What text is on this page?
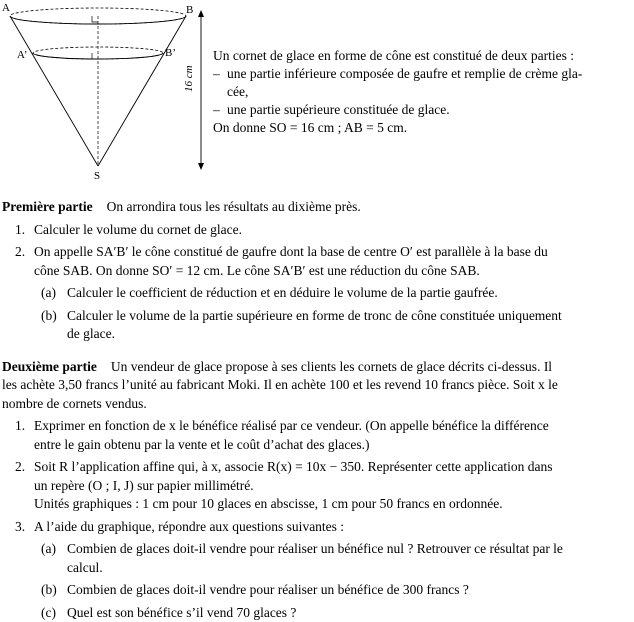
A	B
A’	B’
S
16 cm
Un cornet de glace en forme de cône est constitué de deux parties :
– une partie inférieure composée de gaufre et remplie de crème gla-
cée,
– une partie supérieure constituée de glace.
On donne SO = 16 cm ; AB = 5 cm.

Première partie On arrondira tous les résultats au dixième près.

1. Calculer le volume du cornet de glace.
2. On appelle SA′B′ le cône constitué de gaufre dont la base de centre O′ est parallèle à la base du
cône SAB. On donne SO′ = 12 cm. Le cône SA′B′ est une réduction du cône SAB.
(a) Calculer le coefficient de réduction et en déduire le volume de la partie gaufrée.
(b) Calculer le volume de la partie supérieure en forme de tronc de cône constituée uniquement
de glace.

Deuxième partie Un vendeur de glace propose à ses clients les cornets de glace décrits ci-dessus. Il

les achète 3,50 francs l’unité au fabricant Moki. Il en achète 100 et les revend 10 francs pièce. Soit x le

nombre de cornets vendus.

1. Exprimer en fonction de x le bénéfice réalisé par ce vendeur. (On appelle bénéfice la différence
entre le gain obtenu par la vente et le coût d’achat des glaces.)
2. Soit R l’application affine qui, à x, associe R(x) = 10x − 350. Représenter cette application dans
un repère (O ; I, J) sur papier millimétré.
Unités graphiques : 1 cm pour 10 glaces en abscisse, 1 cm pour 50 francs en ordonnée.
3. A l’aide du graphique, répondre aux questions suivantes :
(a) Combien de glaces doit-il vendre pour réaliser un bénéfice nul ? Retrouver ce résultat par le
calcul.
(b) Combien de glaces doit-il vendre pour réaliser un bénéfice de 300 francs ?
(c) Quel est son bénéfice s’il vend 70 glaces ?
